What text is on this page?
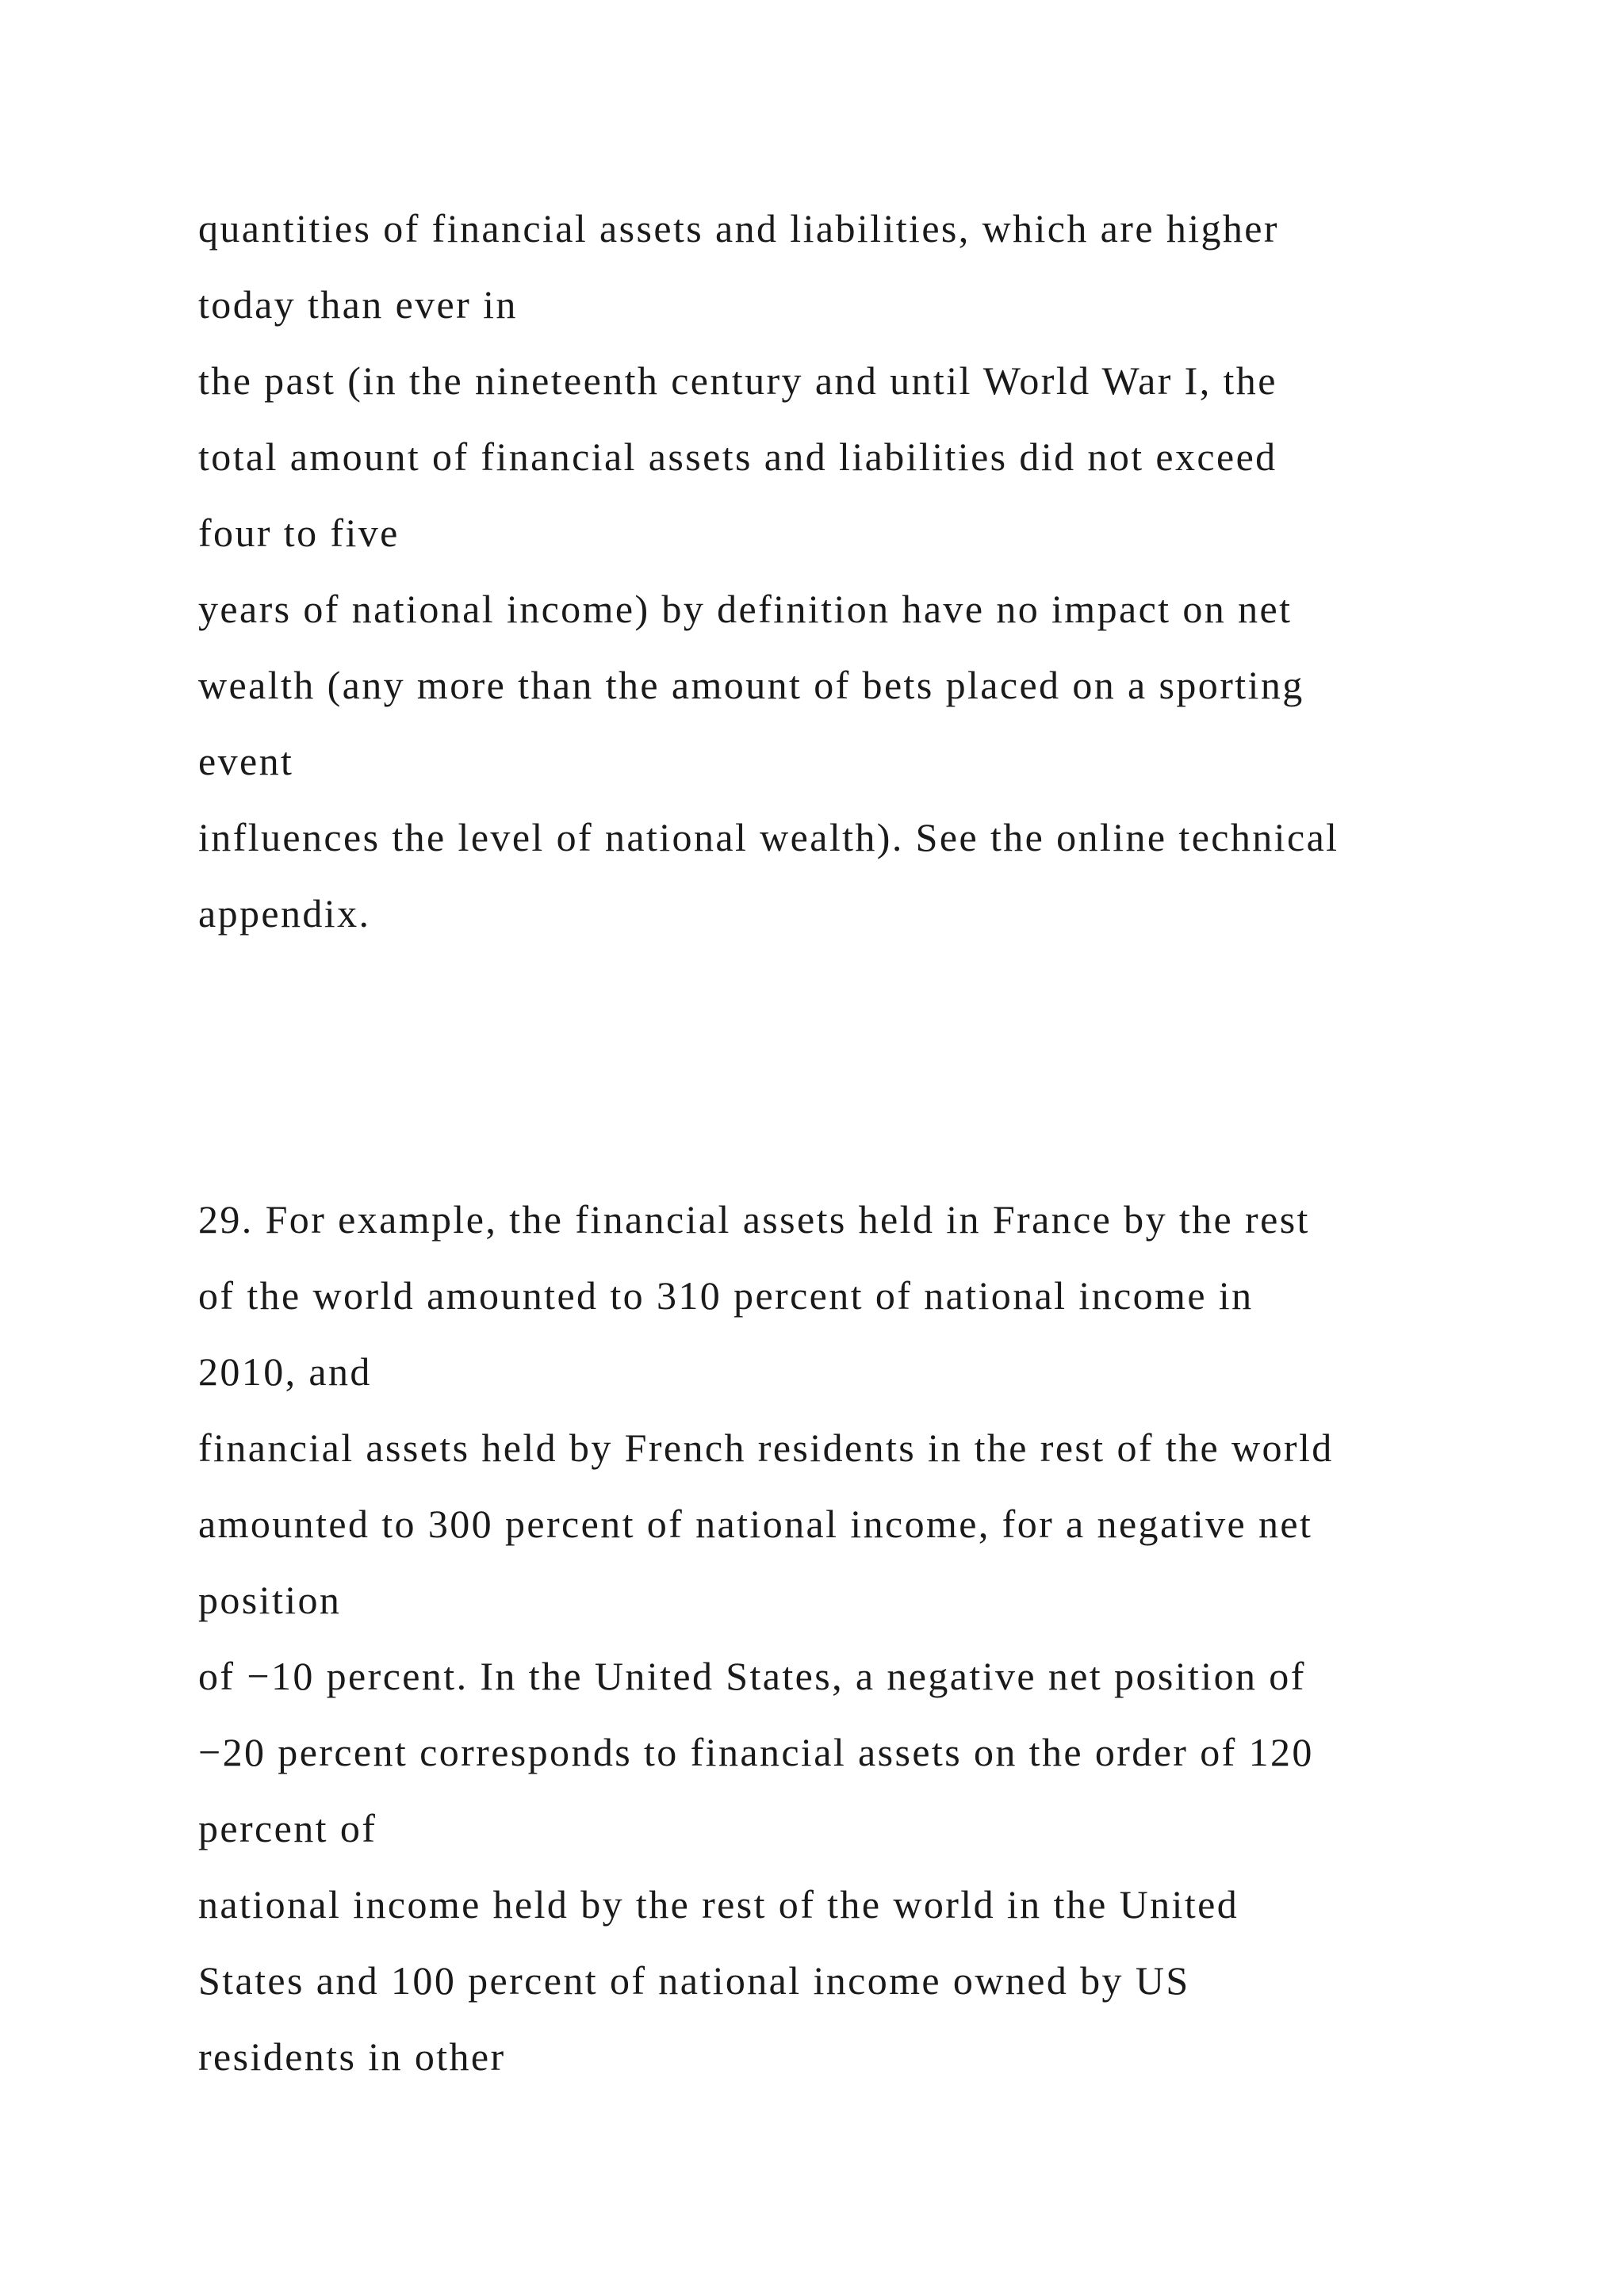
quantities of financial assets and liabilities, which are higher
today than ever in
the past (in the nineteenth century and until World War I, the
total amount of financial assets and liabilities did not exceed
four to five
years of national income) by definition have no impact on net
wealth (any more than the amount of bets placed on a sporting
event
influences the level of national wealth). See the online technical
appendix.
29. For example, the financial assets held in France by the rest
of the world amounted to 310 percent of national income in
2010, and
financial assets held by French residents in the rest of the world
amounted to 300 percent of national income, for a negative net
position
of −10 percent. In the United States, a negative net position of
−20 percent corresponds to financial assets on the order of 120
percent of
national income held by the rest of the world in the United
States and 100 percent of national income owned by US
residents in other
